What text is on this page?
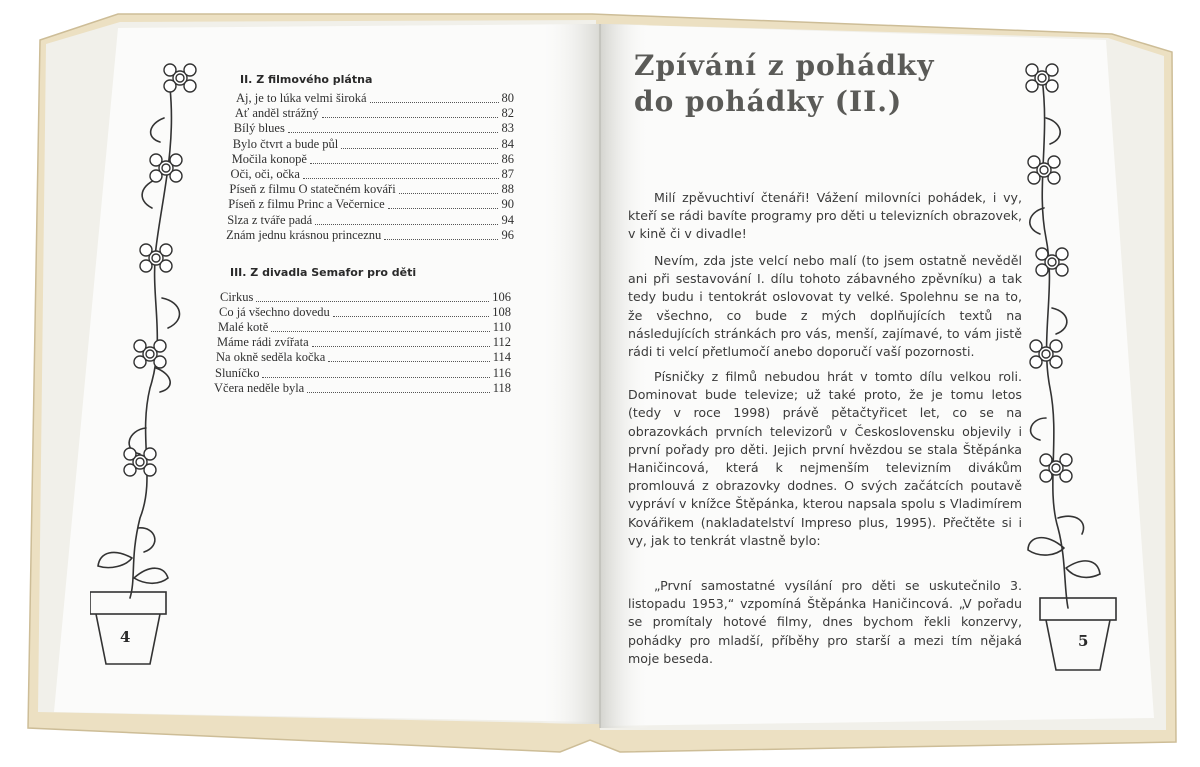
II. Z filmového plátna
Aj, je to lúka velmi široká	80
Ať anděl strážný	82
Bílý blues	83
Bylo čtvrt a bude půl	84
Močila konopě	86
Oči, oči, očka	87
Píseň z filmu O statečném kováři	88
Píseň z filmu Princ a Večernice	90
Slza z tváře padá	94
Znám jednu krásnou princeznu	96
III. Z divadla Semafor pro děti
Cirkus	106
Co já všechno dovedu	108
Malé kotě	110
Máme rádi zvířata	112
Na okně seděla kočka	114
Sluníčko	116
Včera neděle byla	118
4
Zpívání z pohádky
do pohádky (II.)

Milí zpěvuchtiví čtenáři! Vážení milovníci pohádek, i vy, kteří se rádi bavíte programy pro děti u televizních obrazovek, v kině či v divadle!

Nevím, zda jste velcí nebo malí (to jsem ostatně nevěděl ani při sestavování I. dílu tohoto zábavného zpěvníku) a tak tedy budu i tentokrát oslovovat ty velké. Spolehnu se na to, že všechno, co bude z mých doplňujících textů na následujících stránkách pro vás, menší, zajímavé, to vám jistě rádi ti velcí přetlumočí anebo doporučí vaší pozornosti.

Písničky z filmů nebudou hrát v tomto dílu velkou roli. Dominovat bude televize; už také proto, že je tomu letos (tedy v roce 1998) právě pětačtyřicet let, co se na obrazovkách prvních televizorů v Československu objevily i první pořady pro děti. Jejich první hvězdou se stala Štěpánka Haničincová, která k nejmenším televizním divákům promlouvá z obrazovky dodnes. O svých začátcích poutavě vypráví v knížce Štěpánka, kterou napsala spolu s Vladimírem Kovářikem (nakladatelství Impreso plus, 1995). Přečtěte si i vy, jak to tenkrát vlastně bylo:

„První samostatné vysílání pro děti se uskutečnilo 3. listopadu 1953,“ vzpomíná Štěpánka Haničincová. „V pořadu se promítaly hotové filmy, dnes bychom řekli konzervy, pohádky pro mladší, příběhy pro starší a mezi tím nějaká moje beseda.

5
